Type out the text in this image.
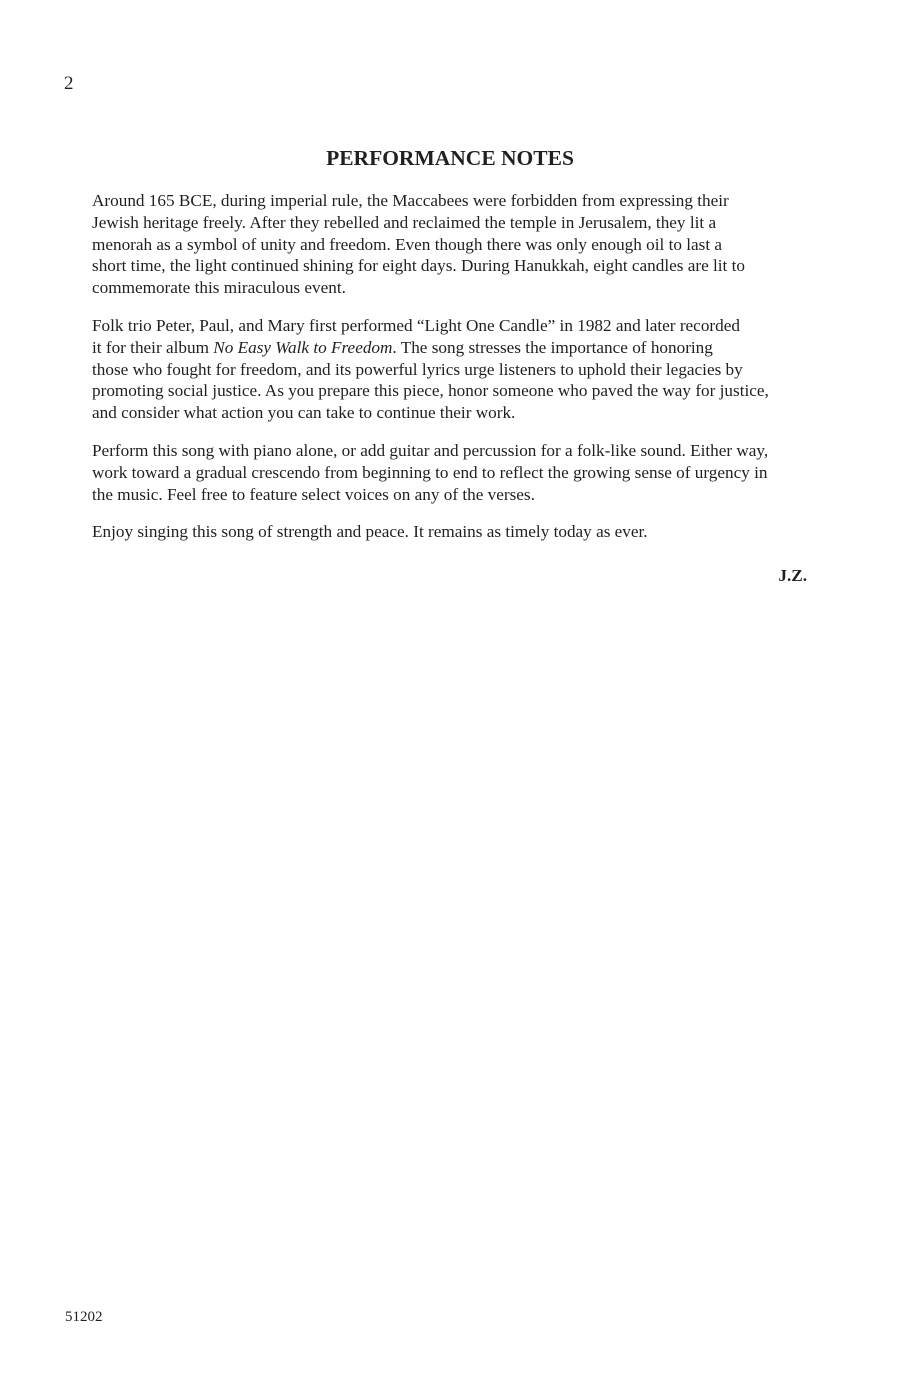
2
PERFORMANCE NOTES

Around 165 BCE, during imperial rule, the Maccabees were forbidden from expressing their
Jewish heritage freely. After they rebelled and reclaimed the temple in Jerusalem, they lit a
menorah as a symbol of unity and freedom. Even though there was only enough oil to last a
short time, the light continued shining for eight days. During Hanukkah, eight candles are lit to
commemorate this miraculous event.

Folk trio Peter, Paul, and Mary first performed “Light One Candle” in 1982 and later recorded
it for their album No Easy Walk to Freedom. The song stresses the importance of honoring
those who fought for freedom, and its powerful lyrics urge listeners to uphold their legacies by
promoting social justice. As you prepare this piece, honor someone who paved the way for justice,
and consider what action you can take to continue their work.

Perform this song with piano alone, or add guitar and percussion for a folk-like sound. Either way,
work toward a gradual crescendo from beginning to end to reflect the growing sense of urgency in
the music. Feel free to feature select voices on any of the verses.

Enjoy singing this song of strength and peace. It remains as timely today as ever.

J.Z.
51202
